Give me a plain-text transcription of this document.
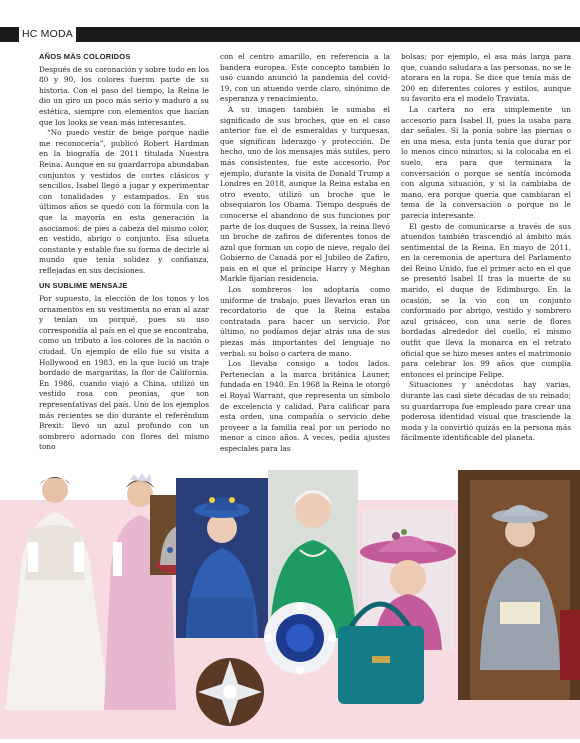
HC MODA
AÑOS MÁS COLORIDOS

Después de su coronación y sobre todo en los 80 y 90, los colores fueron parte de su historia. Con el paso del tiempo, la Reina le dio un giro un poco más serio y maduro a su estética, siempre con elementos que hacían que los looks se vean más interesantes.

“No puedo vestir de beige porque nadie me reconocería”, publicó Robert Hardman en la biografía de 2011 titulada Nuestra Reina. Aunque en su guardarropa abundaban conjuntos y vestidos de cortes clásicos y sencillos, Isabel llegó a jugar y experimentar con tonalidades y estampados. En sus últimos años se quedó con la fórmula con la que la mayoría en esta generación la asociamos: de pies a cabeza del mismo color, en vestido, abrigo o conjunto. Esa silueta constante y estable fue su forma de decirle al mundo que tenía solidez y confianza, reflejadas en sus decisiones.

UN SUBLIME MENSAJE

Por supuesto, la elección de los tonos y los ornamentos en su vestimenta no eran al azar y tenían un porqué, pues su uso correspondía al país en el que se encontraba, como un tributo a los colores de la nación o ciudad. Un ejemplo de ello fue su visita a Hollywood en 1983, en la que lució un traje bordado de margaritas, la flor de California. En 1986, cuando viajó a China, utilizó un vestido rosa con peonías, que son representativas del país. Uno de los ejemplos más recientes se dio durante el referéndum Brexit: llevó un azul profundo con un sombrero adornado con flores del mismo tono

con el centro amarillo, en referencia a la bandera europea. Este concepto también lo usó cuando anunció la pandemia del covid-19, con un atuendo verde claro, sinónimo de esperanza y renacimiento.

A su imagen también le sumaba el significado de sus broches, que en el caso anterior fue el de esmeraldas y turquesas, que significan liderazgo y protección. De hecho, uno de los mensajes más sutiles, pero más consistentes, fue este accesorio. Por ejemplo, durante la visita de Donald Trump a Londres en 2018, aunque la Reina estaba en otro evento, utilizó un broche que le obsequiaron los Obama. Tiempo después de conocerse el abandono de sus funciones por parte de los duques de Sussex, la reina llevó un broche de zafiros de diferentes tonos de azul que forman un copo de nieve, regalo del Gobierno de Canadá por el Jubileo de Zafiro, pais en el que el príncipe Harry y Meghan Markle fijarían residencia.

Los sombreros los adoptaría como uniforme de trabajo, pues llevarlos eran un recordatorio de que la Reina estaba contratada para hacer un servicio. Por último, no podíamos dejar atrás una de sus piezas más importantes del lenguaje no verbal: su bolso o cartera de mano.

Los llevaba consigo a todos lados. Perteneclan a la marca británica Launer, fundada en 1940. En 1968 la Reina le otorgó el Royal Warrant, que representa un símbolo de excelencia y calidad. Para calificar para esta orden, una compañía o servicio debe proveer a la familia real por un periodo no menor a cinco años. A veces, pedía ajustes especiales para las

bolsas; por ejemplo, el asa más larga para que, cuando saludara a las personas, no se le atorara en la ropa. Se dice que tenía más de 200 en diferentes colores y estilos, aunque su favorito era el modelo Traviata.

La cartera no era simplemente un accesorio para Isabel II, pues la usaba para dar señales. Si la ponía sobre las piernas o en una mesa, esta junta tenía que durar por lo menos cinco minutos; si la colocaba en el suelo, era para que terminara la conversación o porque se sentía incómoda con alguna situación, y si la cambiaba de mano, era porque quería que cambiaran el tema de la conversación o porque no le parecía interesante.

El gesto de comunicarse a través de sus atuendos también trascendió al ámbito más sentimental de la Reina. En mayo de 2011, en la ceremonia de apertura del Parlamento del Reino Unido, fue el primer acto en el que se presentó Isabel II tras la muerte de su marido, el duque de Edimburgo. En la ocasión, se la vio con un conjunto conformado por abrigo, vestido y sombrero azul grisáceo, con una serie de flores bordadas alrededor del cuello, el mismo outfit que lleva la monarca en el retrato oficial que se hizo meses antes el matrimonio para celebrar los 99 años que cumplía entonces el príncipe Felipe.

Situaciones y anécdotas hay varias, durante las casi siete décadas de su reinado; su guardarropa fue empleado para crear una poderosa identidad visual que trasciende la moda y la convirtió quizás en la persona más fácilmente identificable del planeta.
